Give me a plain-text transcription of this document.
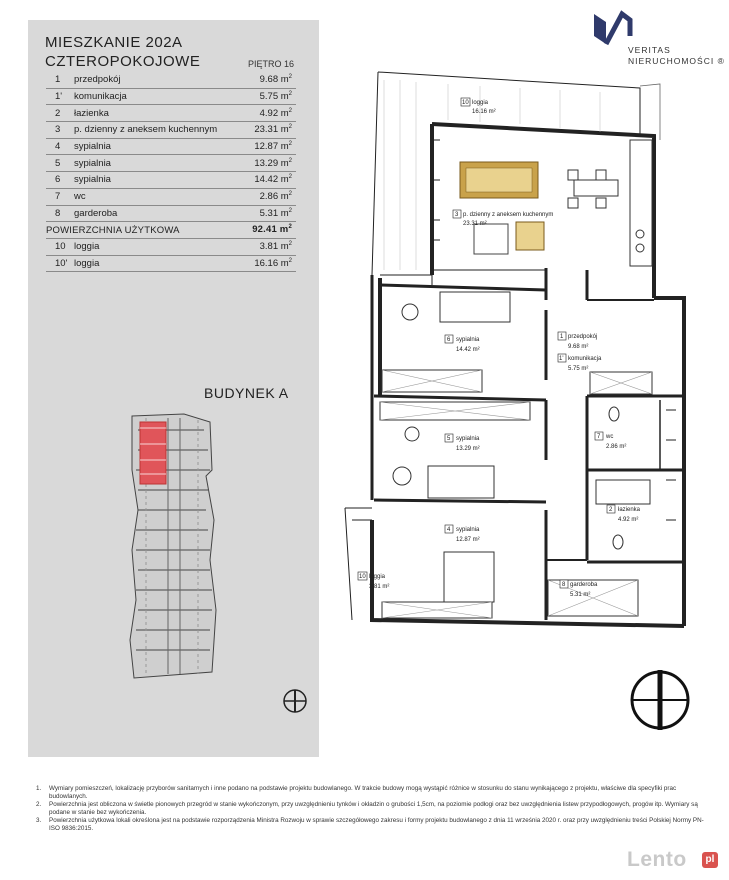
MIESZKANIE 202A
CZTEROPOKOJOWE	PIĘTRO 16
1	przedpokój	9.68 $m^2$
1'	komunikacja	5.75 $m^2$
2	łazienka	4.92 $m^2$
3	p. dzienny z aneksem kuchennym	23.31 $m^2$
4	sypialnia	12.87 $m^2$
5	sypialnia	13.29 $m^2$
6	sypialnia	14.42 $m^2$
7	wc	2.86 $m^2$
8	garderoba	5.31 $m^2$
POWIERZCHNIA UŻYTKOWA		92.41 $m^2$
10	loggia	3.81 $m^2$
10'	loggia	16.16 $m^2$
BUDYNEK A
VERITAS
NIERUCHOMOŚCI ®
10 loggia
16.16 m²
3 p. dzienny z aneksem kuchennym
23.31 m²
6 sypialnia
14.42 m²
5 sypialnia
13.29 m²
4 sypialnia
12.87 m²
1 przedpokój
9.68 m²
1' komunikacja
5.75 m²
7 wc
2.86 m²
2 łazienka
4.92 m²
8 garderoba
5.31 m²
10 loggia
3.81 m²
1. Wymiary pomieszczeń, lokalizację przyborów sanitarnych i inne podano na podstawie projektu budowlanego. W trakcie budowy mogą wystąpić różnice w stosunku do stanu wynikającego z projektu, właściwe dla specyfiki prac budowlanych.
2. Powierzchnia jest obliczona w świetle pionowych przegród w stanie wykończonym, przy uwzględnieniu tynków i okładzin o grubości 1,5cm, na poziomie podłogi oraz bez uwzględnienia listew przypodłogowych, progów itp. Wymiary są podane w stanie bez wykończenia.
3. Powierzchnia użytkowa lokali określona jest na podstawie rozporządzenia Ministra Rozwoju w sprawie szczegółowego zakresu i formy projektu budowlanego z dnia 11 września 2020 r. oraz przy uwzględnieniu treści Polskiej Normy PN-ISO 9836:2015.
Lento	pl
